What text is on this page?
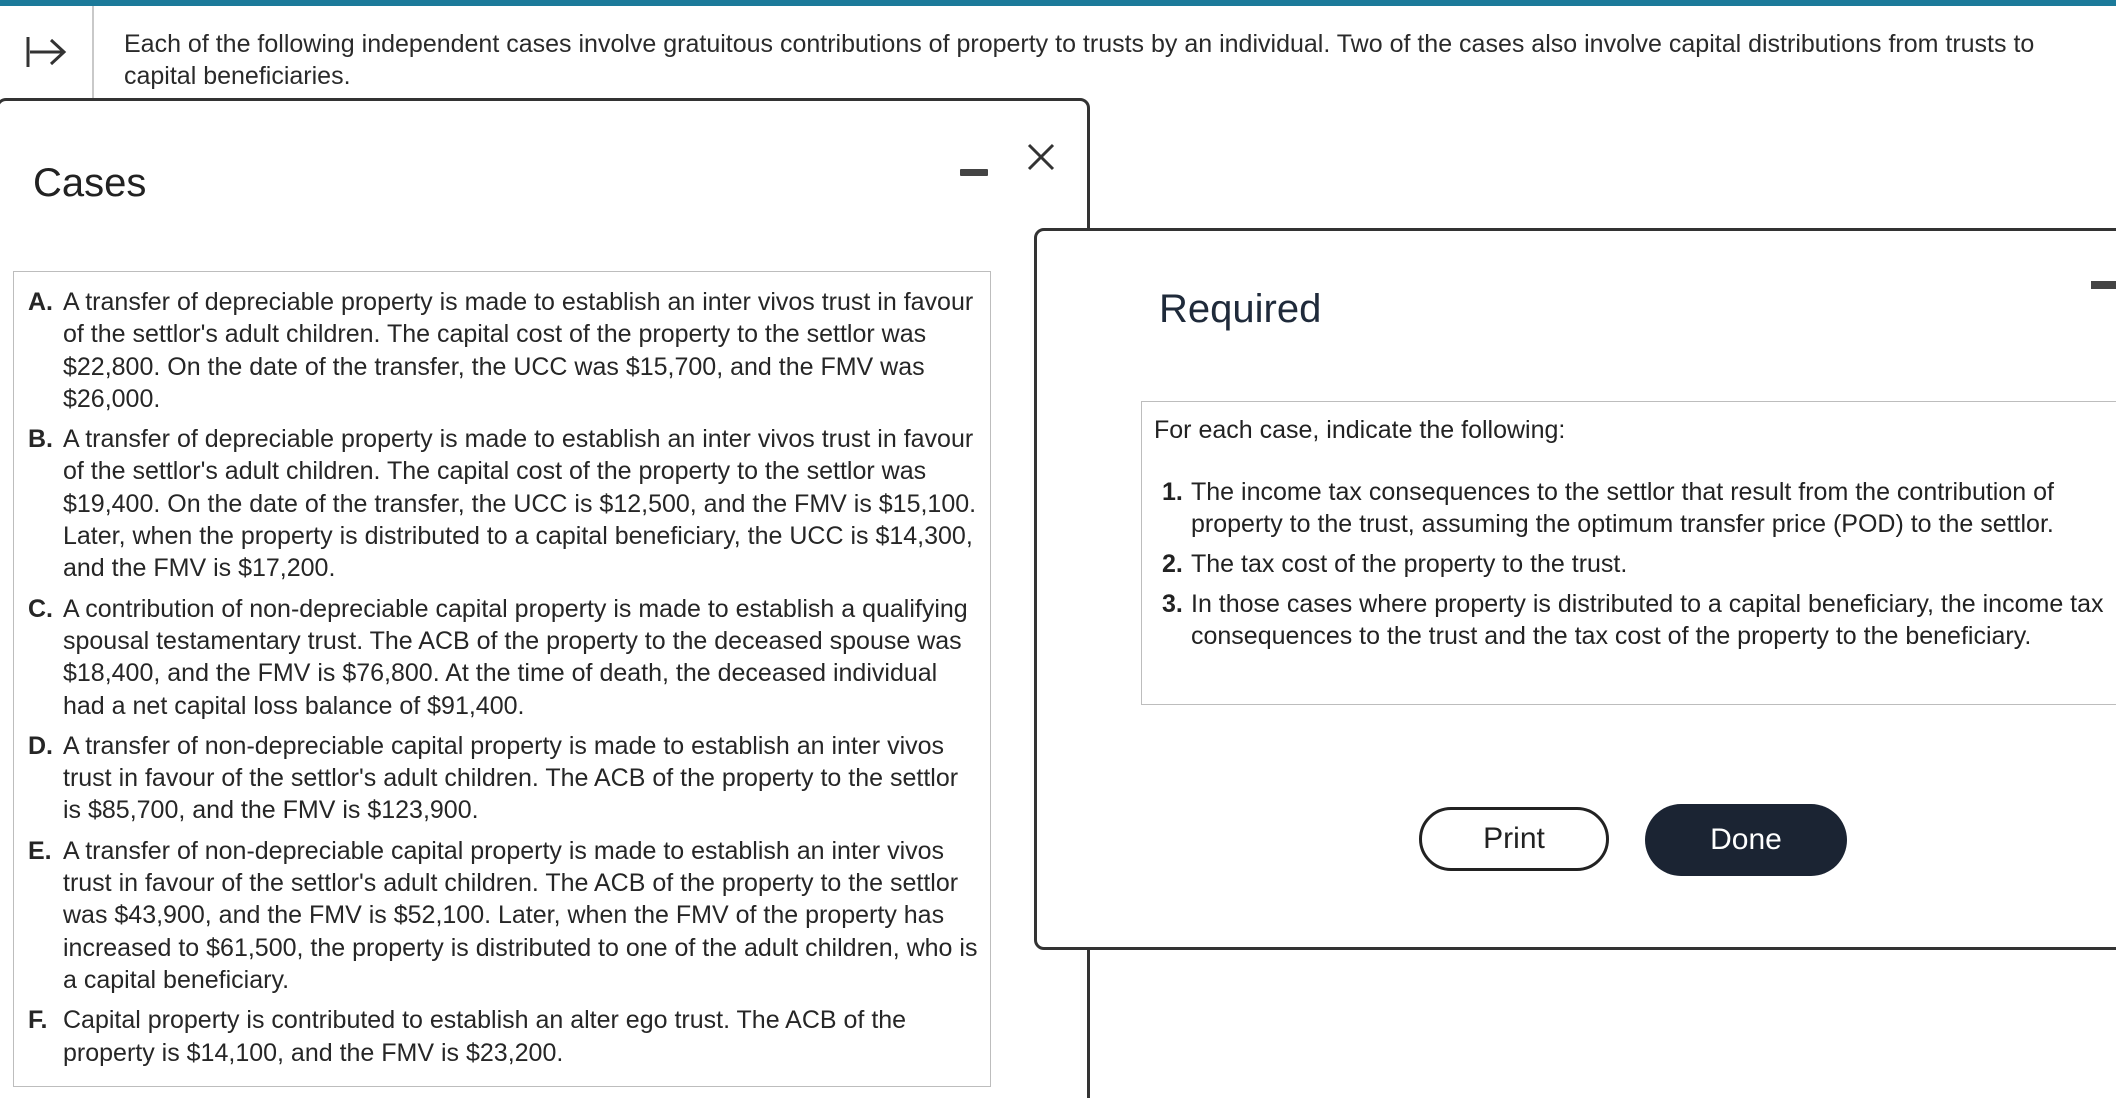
Each of the following independent cases involve gratuitous contributions of property to trusts by an individual. Two of the cases also involve capital distributions from trusts to capital beneficiaries.
Cases
A. A transfer of depreciable property is made to establish an inter vivos trust in favour of the settlor's adult children. The capital cost of the property to the settlor was $22,800. On the date of the transfer, the UCC was $15,700, and the FMV was $26,000.
B. A transfer of depreciable property is made to establish an inter vivos trust in favour of the settlor's adult children. The capital cost of the property to the settlor was $19,400. On the date of the transfer, the UCC is $12,500, and the FMV is $15,100. Later, when the property is distributed to a capital beneficiary, the UCC is $14,300, and the FMV is $17,200.
C. A contribution of non-depreciable capital property is made to establish a qualifying spousal testamentary trust. The ACB of the property to the deceased spouse was $18,400, and the FMV is $76,800. At the time of death, the deceased individual had a net capital loss balance of $91,400.
D. A transfer of non-depreciable capital property is made to establish an inter vivos trust in favour of the settlor's adult children. The ACB of the property to the settlor is $85,700, and the FMV is $123,900.
E. A transfer of non-depreciable capital property is made to establish an inter vivos trust in favour of the settlor's adult children. The ACB of the property to the settlor was $43,900, and the FMV is $52,100. Later, when the FMV of the property has increased to $61,500, the property is distributed to one of the adult children, who is a capital beneficiary.
F. Capital property is contributed to establish an alter ego trust. The ACB of the property is $14,100, and the FMV is $23,200.
Required
For each case, indicate the following:
1. The income tax consequences to the settlor that result from the contribution of property to the trust, assuming the optimum transfer price (POD) to the settlor.
2. The tax cost of the property to the trust.
3. In those cases where property is distributed to a capital beneficiary, the income tax consequences to the trust and the tax cost of the property to the beneficiary.
Print	Done
